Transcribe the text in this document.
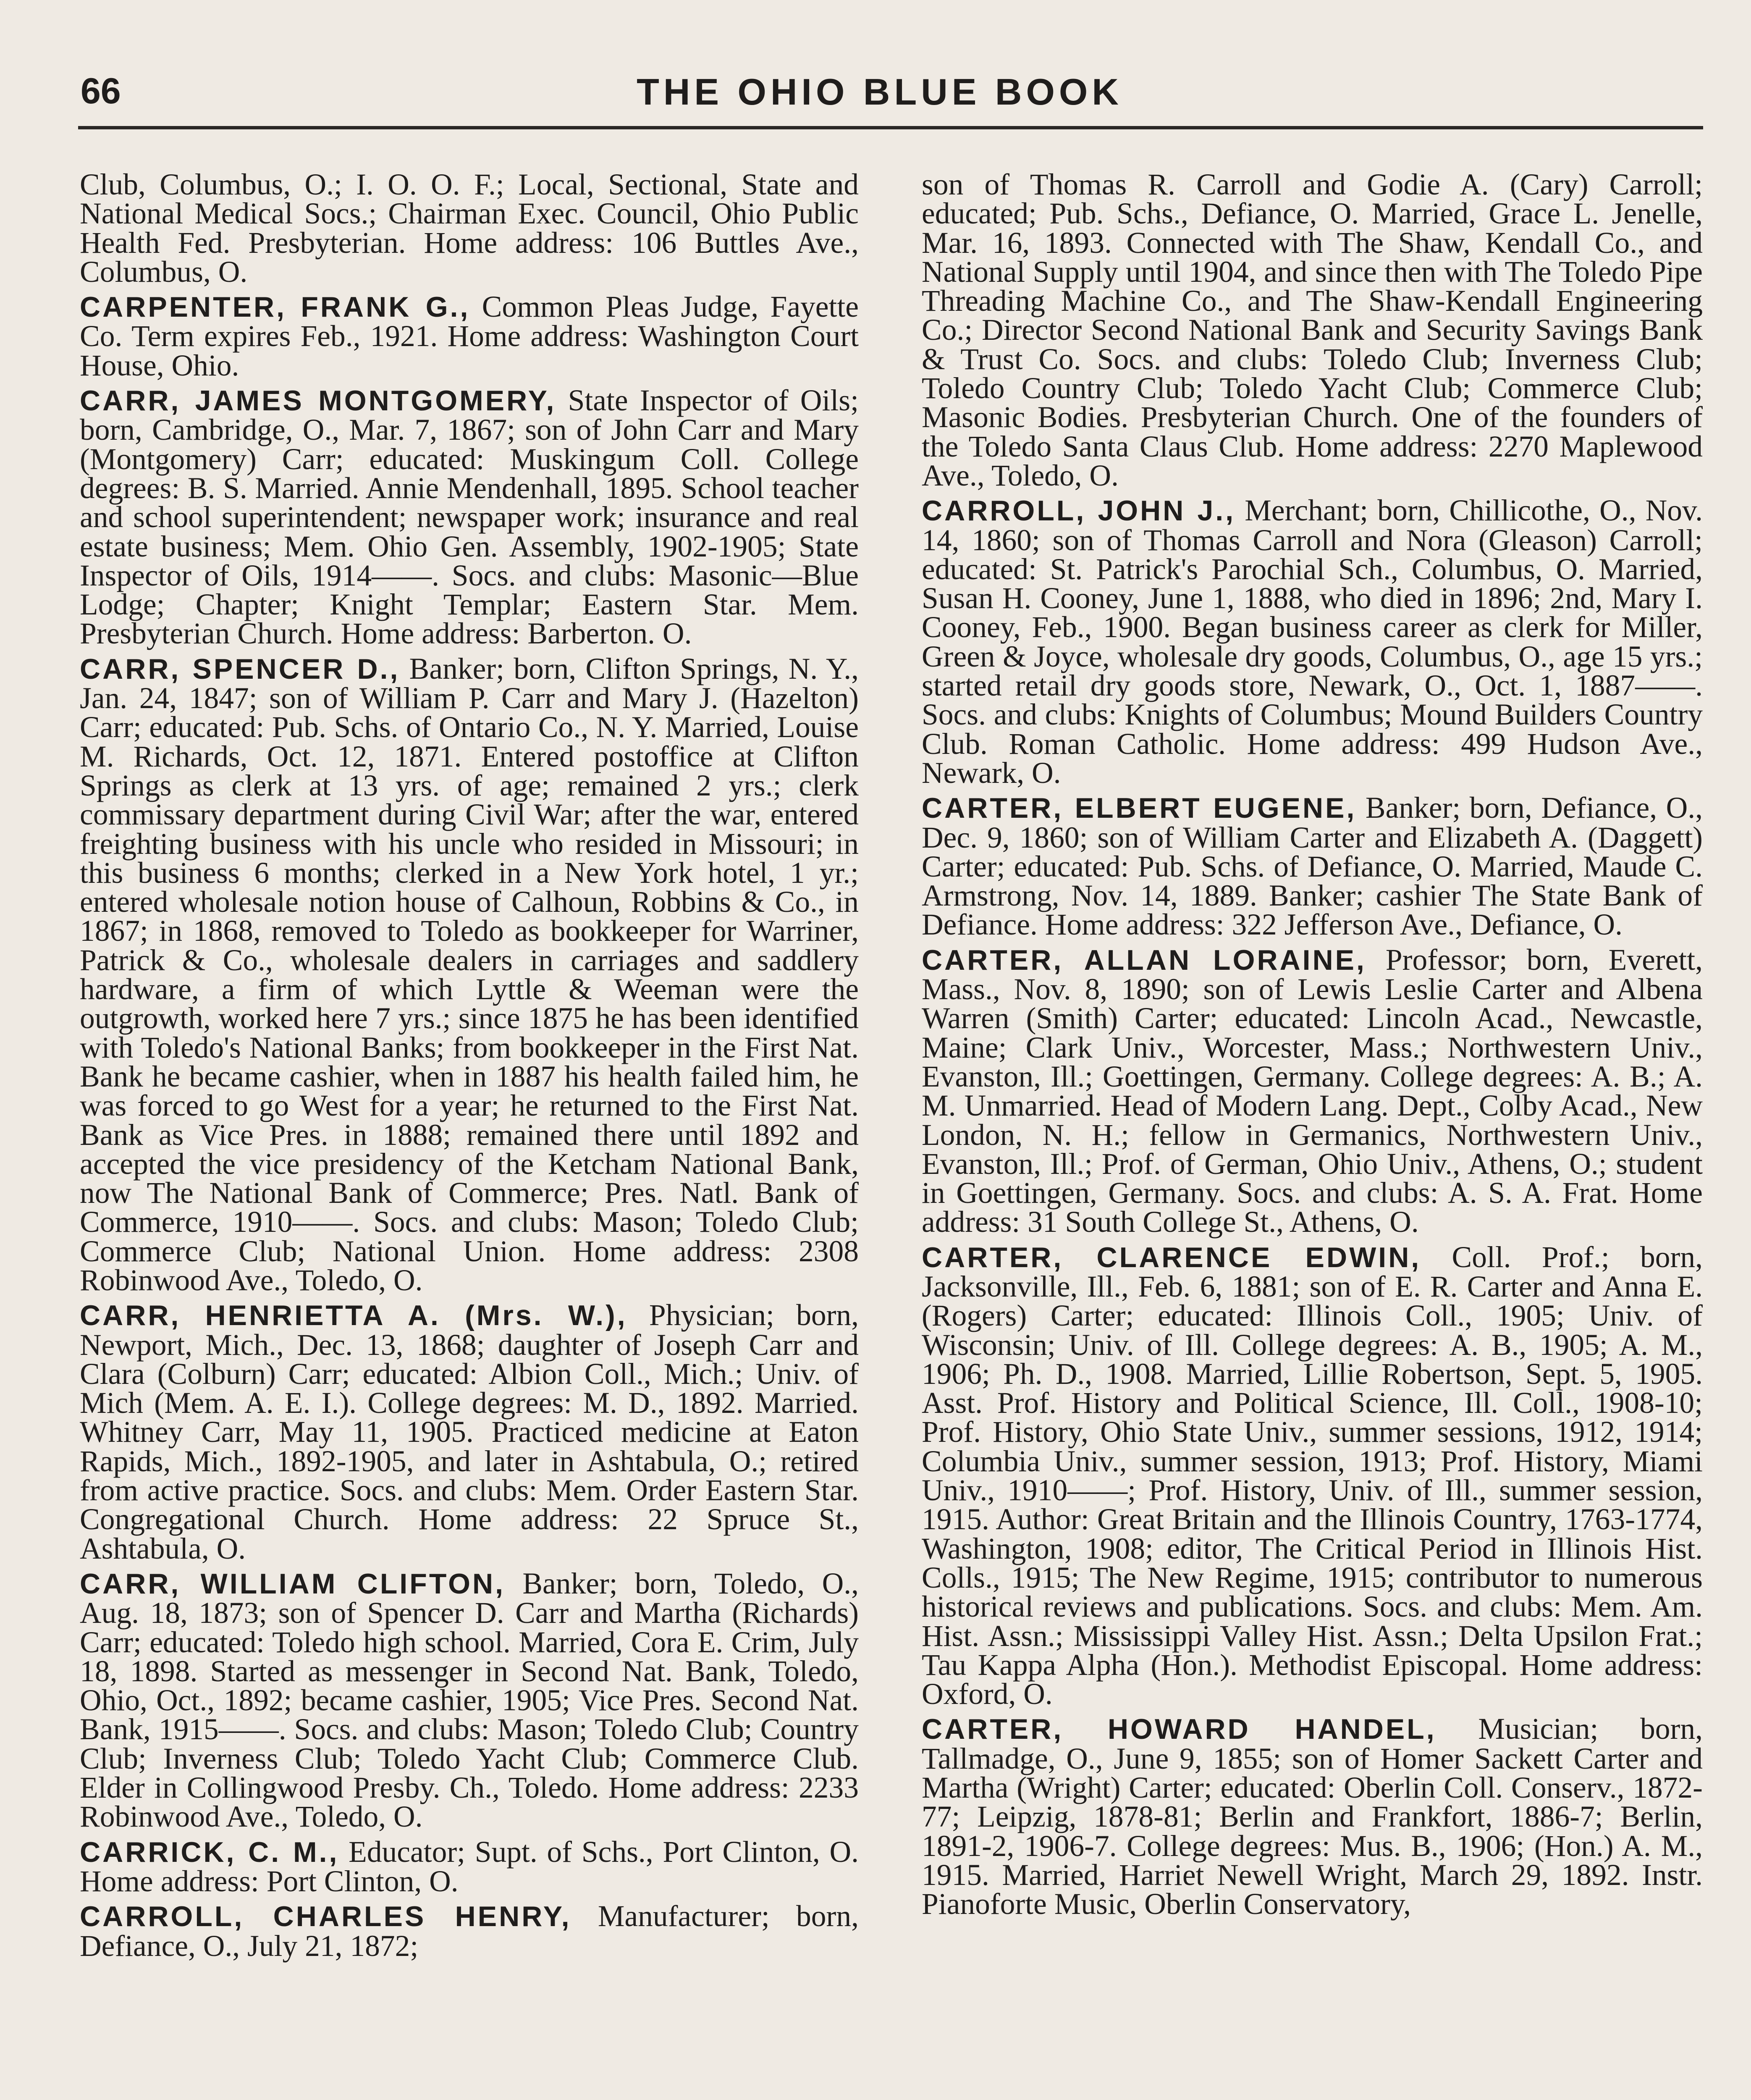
66	THE OHIO BLUE BOOK

Club, Columbus, O.; I. O. O. F.; Local, Sectional, State and National Medical Socs.; Chairman Exec. Council, Ohio Public Health Fed. Presbyterian. Home address: 106 Buttles Ave., Columbus, O.

CARPENTER, FRANK G., Common Pleas Judge, Fayette Co. Term expires Feb., 1921. Home address: Washington Court House, Ohio.

CARR, JAMES MONTGOMERY, State Inspector of Oils; born, Cambridge, O., Mar. 7, 1867; son of John Carr and Mary (Montgomery) Carr; educated: Muskingum Coll. College degrees: B. S. Married. Annie Mendenhall, 1895. School teacher and school superintendent; newspaper work; insurance and real estate business; Mem. Ohio Gen. Assembly, 1902-1905; State Inspector of Oils, 1914——. Socs. and clubs: Masonic—Blue Lodge; Chapter; Knight Templar; Eastern Star. Mem. Presbyterian Church. Home address: Barberton. O.

CARR, SPENCER D., Banker; born, Clifton Springs, N. Y., Jan. 24, 1847; son of William P. Carr and Mary J. (Hazelton) Carr; educated: Pub. Schs. of Ontario Co., N. Y. Married, Louise M. Richards, Oct. 12, 1871. Entered postoffice at Clifton Springs as clerk at 13 yrs. of age; remained 2 yrs.; clerk commissary department during Civil War; after the war, entered freighting business with his uncle who resided in Missouri; in this business 6 months; clerked in a New York hotel, 1 yr.; entered wholesale notion house of Calhoun, Robbins & Co., in 1867; in 1868, removed to Toledo as bookkeeper for Warriner, Patrick & Co., wholesale dealers in carriages and saddlery hardware, a firm of which Lyttle & Weeman were the outgrowth, worked here 7 yrs.; since 1875 he has been identified with Toledo's National Banks; from bookkeeper in the First Nat. Bank he became cashier, when in 1887 his health failed him, he was forced to go West for a year; he returned to the First Nat. Bank as Vice Pres. in 1888; remained there until 1892 and accepted the vice presidency of the Ketcham National Bank, now The National Bank of Commerce; Pres. Natl. Bank of Commerce, 1910——. Socs. and clubs: Mason; Toledo Club; Commerce Club; National Union. Home address: 2308 Robinwood Ave., Toledo, O.

CARR, HENRIETTA A. (Mrs. W.), Physician; born, Newport, Mich., Dec. 13, 1868; daughter of Joseph Carr and Clara (Colburn) Carr; educated: Albion Coll., Mich.; Univ. of Mich (Mem. A. E. I.). College degrees: M. D., 1892. Married. Whitney Carr, May 11, 1905. Practiced medicine at Eaton Rapids, Mich., 1892-1905, and later in Ashtabula, O.; retired from active practice. Socs. and clubs: Mem. Order Eastern Star. Congregational Church. Home address: 22 Spruce St., Ashtabula, O.

CARR, WILLIAM CLIFTON, Banker; born, Toledo, O., Aug. 18, 1873; son of Spencer D. Carr and Martha (Richards) Carr; educated: Toledo high school. Married, Cora E. Crim, July 18, 1898. Started as messenger in Second Nat. Bank, Toledo, Ohio, Oct., 1892; became cashier, 1905; Vice Pres. Second Nat. Bank, 1915——. Socs. and clubs: Mason; Toledo Club; Country Club; Inverness Club; Toledo Yacht Club; Commerce Club. Elder in Collingwood Presby. Ch., Toledo. Home address: 2233 Robinwood Ave., Toledo, O.

CARRICK, C. M., Educator; Supt. of Schs., Port Clinton, O. Home address: Port Clinton, O.

CARROLL, CHARLES HENRY, Manufacturer; born, Defiance, O., July 21, 1872;

son of Thomas R. Carroll and Godie A. (Cary) Carroll; educated; Pub. Schs., Defiance, O. Married, Grace L. Jenelle, Mar. 16, 1893. Connected with The Shaw, Kendall Co., and National Supply until 1904, and since then with The Toledo Pipe Threading Machine Co., and The Shaw-Kendall Engineering Co.; Director Second National Bank and Security Savings Bank & Trust Co. Socs. and clubs: Toledo Club; Inverness Club; Toledo Country Club; Toledo Yacht Club; Commerce Club; Masonic Bodies. Presbyterian Church. One of the founders of the Toledo Santa Claus Club. Home address: 2270 Maplewood Ave., Toledo, O.

CARROLL, JOHN J., Merchant; born, Chillicothe, O., Nov. 14, 1860; son of Thomas Carroll and Nora (Gleason) Carroll; educated: St. Patrick's Parochial Sch., Columbus, O. Married, Susan H. Cooney, June 1, 1888, who died in 1896; 2nd, Mary I. Cooney, Feb., 1900. Began business career as clerk for Miller, Green & Joyce, wholesale dry goods, Columbus, O., age 15 yrs.; started retail dry goods store, Newark, O., Oct. 1, 1887——. Socs. and clubs: Knights of Columbus; Mound Builders Country Club. Roman Catholic. Home address: 499 Hudson Ave., Newark, O.

CARTER, ELBERT EUGENE, Banker; born, Defiance, O., Dec. 9, 1860; son of William Carter and Elizabeth A. (Daggett) Carter; educated: Pub. Schs. of Defiance, O. Married, Maude C. Armstrong, Nov. 14, 1889. Banker; cashier The State Bank of Defiance. Home address: 322 Jefferson Ave., Defiance, O.

CARTER, ALLAN LORAINE, Professor; born, Everett, Mass., Nov. 8, 1890; son of Lewis Leslie Carter and Albena Warren (Smith) Carter; educated: Lincoln Acad., Newcastle, Maine; Clark Univ., Worcester, Mass.; Northwestern Univ., Evanston, Ill.; Goettingen, Germany. College degrees: A. B.; A. M. Unmarried. Head of Modern Lang. Dept., Colby Acad., New London, N. H.; fellow in Germanics, Northwestern Univ., Evanston, Ill.; Prof. of German, Ohio Univ., Athens, O.; student in Goettingen, Germany. Socs. and clubs: A. S. A. Frat. Home address: 31 South College St., Athens, O.

CARTER, CLARENCE EDWIN, Coll. Prof.; born, Jacksonville, Ill., Feb. 6, 1881; son of E. R. Carter and Anna E. (Rogers) Carter; educated: Illinois Coll., 1905; Univ. of Wisconsin; Univ. of Ill. College degrees: A. B., 1905; A. M., 1906; Ph. D., 1908. Married, Lillie Robertson, Sept. 5, 1905. Asst. Prof. History and Political Science, Ill. Coll., 1908-10; Prof. History, Ohio State Univ., summer sessions, 1912, 1914; Columbia Univ., summer session, 1913; Prof. History, Miami Univ., 1910——; Prof. History, Univ. of Ill., summer session, 1915. Author: Great Britain and the Illinois Country, 1763-1774, Washington, 1908; editor, The Critical Period in Illinois Hist. Colls., 1915; The New Regime, 1915; contributor to numerous historical reviews and publications. Socs. and clubs: Mem. Am. Hist. Assn.; Mississippi Valley Hist. Assn.; Delta Upsilon Frat.; Tau Kappa Alpha (Hon.). Methodist Episcopal. Home address: Oxford, O.

CARTER, HOWARD HANDEL, Musician; born, Tallmadge, O., June 9, 1855; son of Homer Sackett Carter and Martha (Wright) Carter; educated: Oberlin Coll. Conserv., 1872-77; Leipzig, 1878-81; Berlin and Frankfort, 1886-7; Berlin, 1891-2, 1906-7. College degrees: Mus. B., 1906; (Hon.) A. M., 1915. Married, Harriet Newell Wright, March 29, 1892. Instr. Pianoforte Music, Oberlin Conservatory,
